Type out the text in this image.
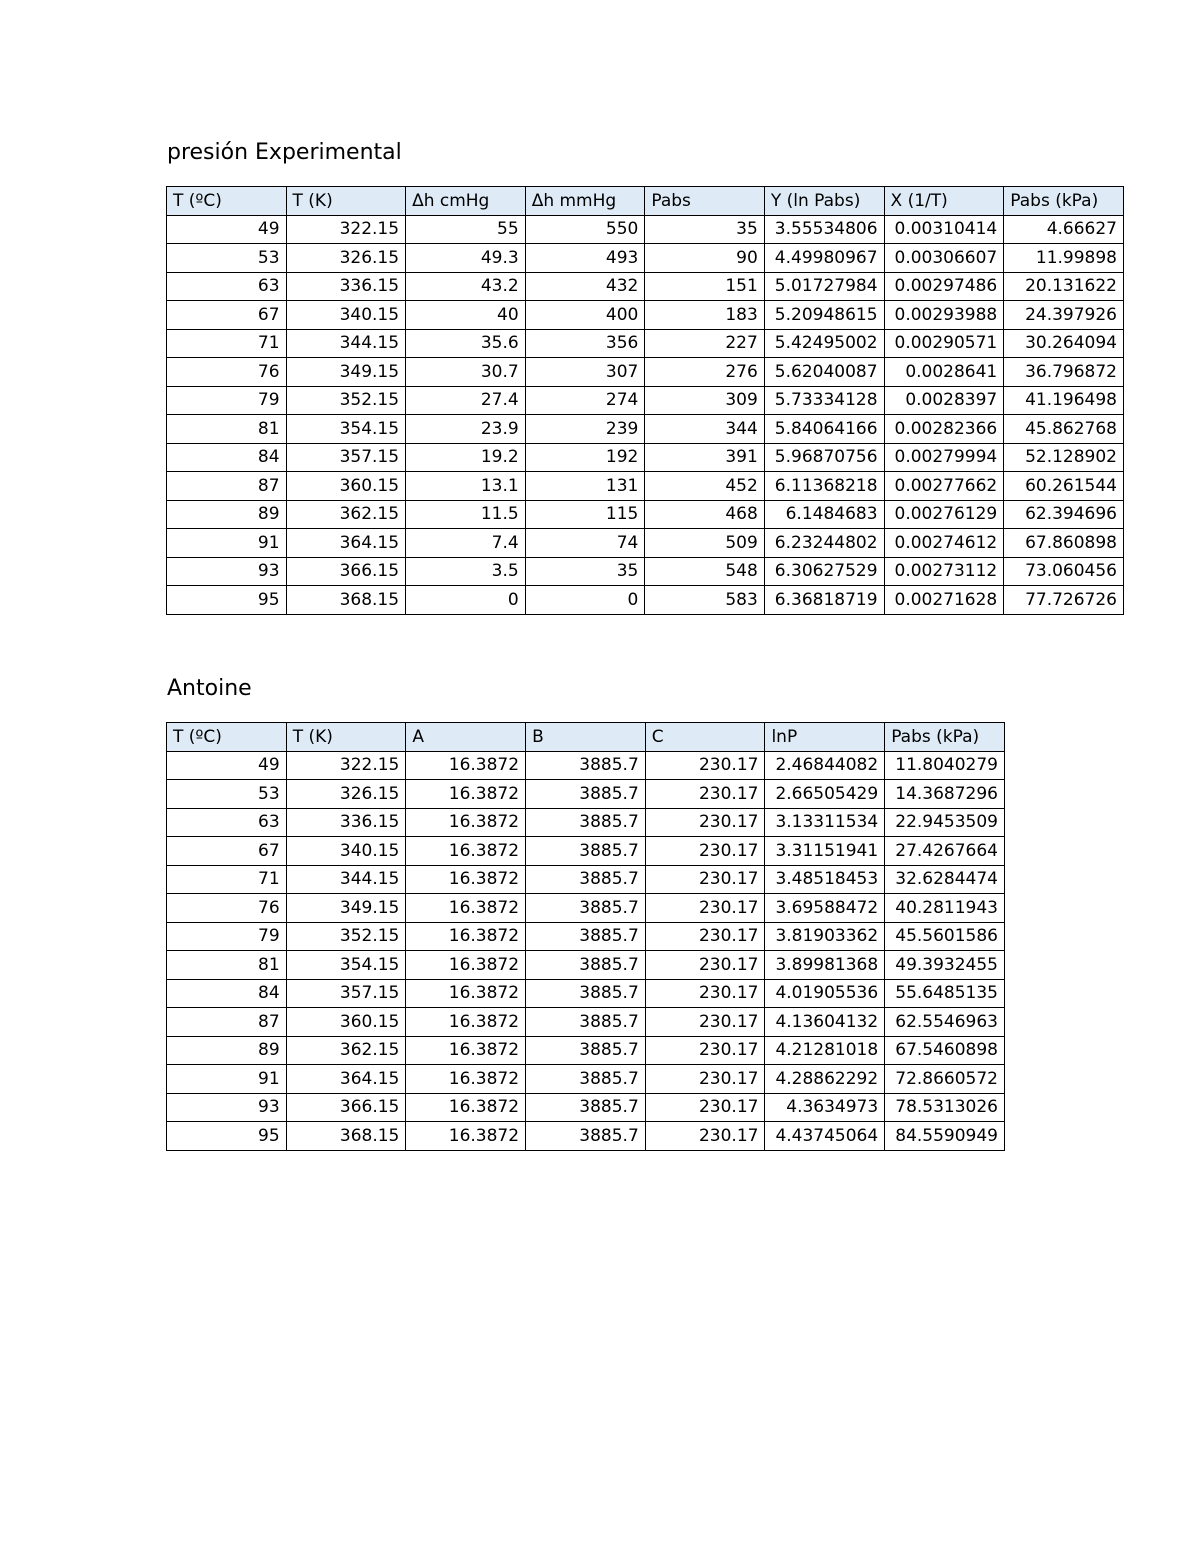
presión Experimental
T (ºC)	T (K)	Δh cmHg	Δh mmHg	Pabs	Y (ln Pabs)	X (1/T)	Pabs (kPa)
49	322.15	55	550	35	3.55534806	0.00310414	4.66627
53	326.15	49.3	493	90	4.49980967	0.00306607	11.99898
63	336.15	43.2	432	151	5.01727984	0.00297486	20.131622
67	340.15	40	400	183	5.20948615	0.00293988	24.397926
71	344.15	35.6	356	227	5.42495002	0.00290571	30.264094
76	349.15	30.7	307	276	5.62040087	0.0028641	36.796872
79	352.15	27.4	274	309	5.73334128	0.0028397	41.196498
81	354.15	23.9	239	344	5.84064166	0.00282366	45.862768
84	357.15	19.2	192	391	5.96870756	0.00279994	52.128902
87	360.15	13.1	131	452	6.11368218	0.00277662	60.261544
89	362.15	11.5	115	468	6.1484683	0.00276129	62.394696
91	364.15	7.4	74	509	6.23244802	0.00274612	67.860898
93	366.15	3.5	35	548	6.30627529	0.00273112	73.060456
95	368.15	0	0	583	6.36818719	0.00271628	77.726726
Antoine
T (ºC)	T (K)	A	B	C	lnP	Pabs (kPa)
49	322.15	16.3872	3885.7	230.17	2.46844082	11.8040279
53	326.15	16.3872	3885.7	230.17	2.66505429	14.3687296
63	336.15	16.3872	3885.7	230.17	3.13311534	22.9453509
67	340.15	16.3872	3885.7	230.17	3.31151941	27.4267664
71	344.15	16.3872	3885.7	230.17	3.48518453	32.6284474
76	349.15	16.3872	3885.7	230.17	3.69588472	40.2811943
79	352.15	16.3872	3885.7	230.17	3.81903362	45.5601586
81	354.15	16.3872	3885.7	230.17	3.89981368	49.3932455
84	357.15	16.3872	3885.7	230.17	4.01905536	55.6485135
87	360.15	16.3872	3885.7	230.17	4.13604132	62.5546963
89	362.15	16.3872	3885.7	230.17	4.21281018	67.5460898
91	364.15	16.3872	3885.7	230.17	4.28862292	72.8660572
93	366.15	16.3872	3885.7	230.17	4.3634973	78.5313026
95	368.15	16.3872	3885.7	230.17	4.43745064	84.5590949
